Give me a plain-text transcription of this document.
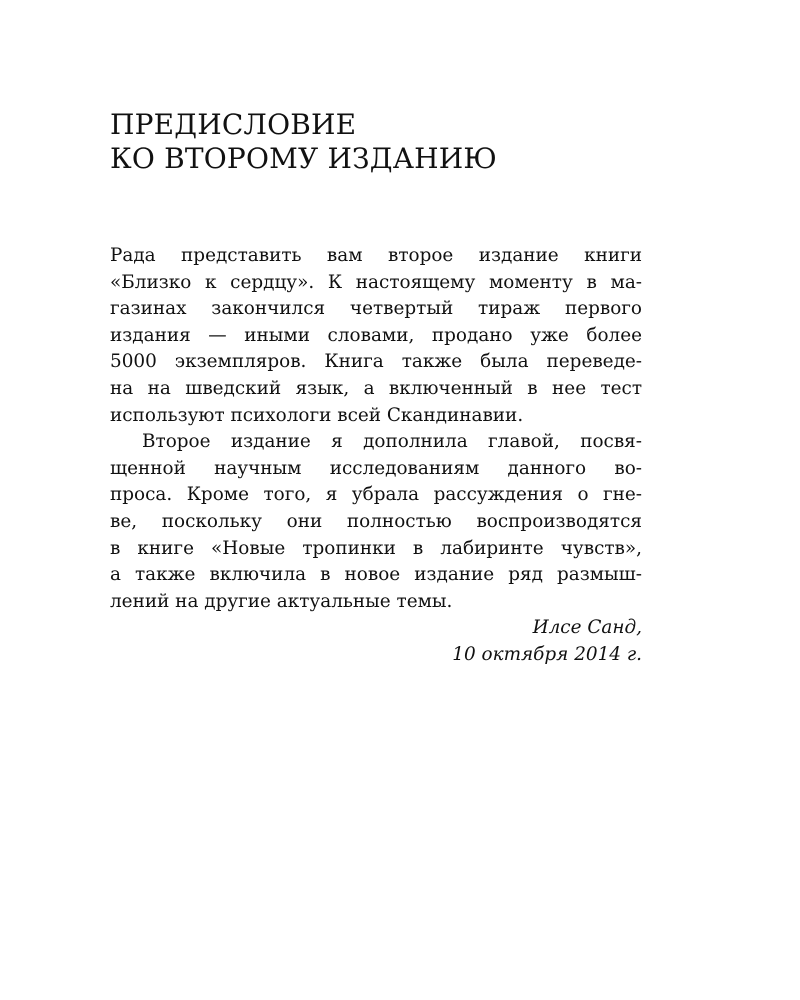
ПРЕДИСЛОВИЕ
КО ВТОРОМУ ИЗДАНИЮ
Рада представить вам второе издание книги
«Близко к сердцу». К настоящему моменту в ма-
газинах закончился четвертый тираж первого
издания — иными словами, продано уже более
5000 экземпляров. Книга также была переведе-
на на шведский язык, а включенный в нее тест
используют психологи всей Скандинавии.
Второе издание я дополнила главой, посвя-
щенной научным исследованиям данного во-
проса. Кроме того, я убрала рассуждения о гне-
ве, поскольку они полностью воспроизводятся
в книге «Новые тропинки в лабиринте чувств»,
а также включила в новое издание ряд размыш-
лений на другие актуальные темы.
Илсе Санд,
10 октября 2014 г.
